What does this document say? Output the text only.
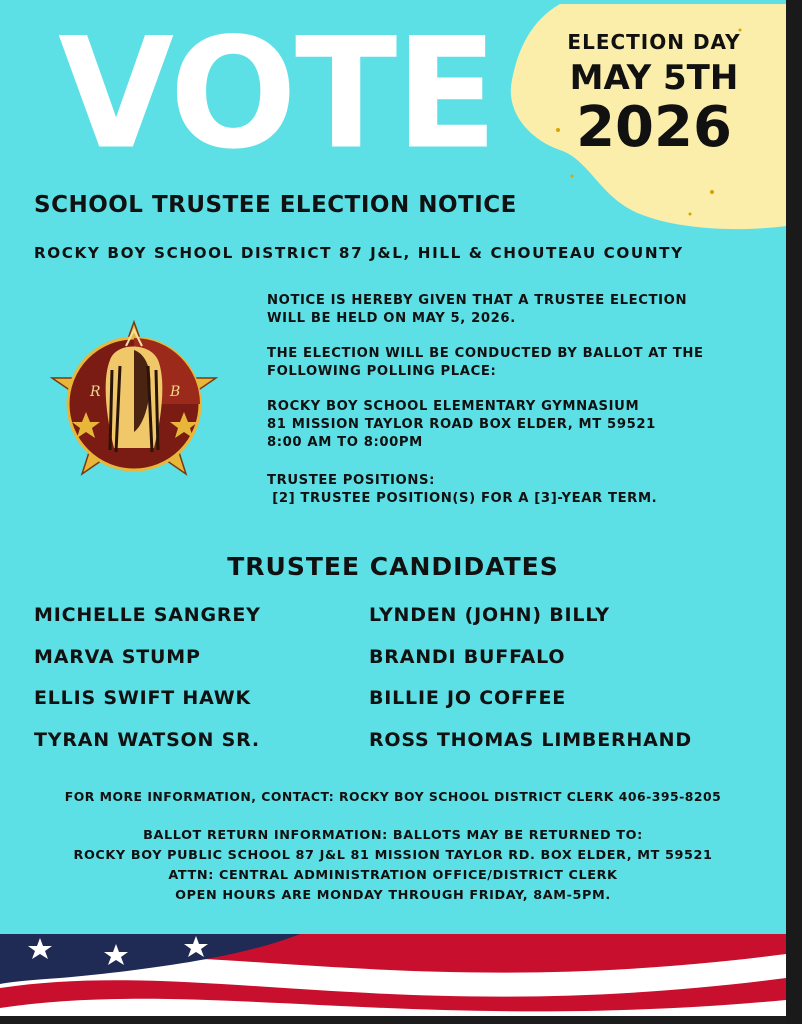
VOTE	ELECTION DAY
MAY 5TH
2026
SCHOOL TRUSTEE ELECTION NOTICE
ROCKY BOY SCHOOL DISTRICT 87 J&L, HILL & CHOUTEAU COUNTY
R	B
NOTICE IS HEREBY GIVEN THAT A TRUSTEE ELECTION
WILL BE HELD ON MAY 5, 2026.
THE ELECTION WILL BE CONDUCTED BY BALLOT AT THE
FOLLOWING POLLING PLACE:
ROCKY BOY SCHOOL ELEMENTARY GYMNASIUM
81 MISSION TAYLOR ROAD BOX ELDER, MT 59521
8:00 AM TO 8:00PM
TRUSTEE POSITIONS:
[2] TRUSTEE POSITION(S) FOR A [3]-YEAR TERM.
TRUSTEE CANDIDATES
MICHELLE SANGREY
MARVA STUMP
ELLIS SWIFT HAWK
TYRAN WATSON SR.
LYNDEN (JOHN) BILLY
BRANDI BUFFALO
BILLIE JO COFFEE
ROSS THOMAS LIMBERHAND
FOR MORE INFORMATION, CONTACT: ROCKY BOY SCHOOL DISTRICT CLERK 406-395-8205
BALLOT RETURN INFORMATION: BALLOTS MAY BE RETURNED TO:
ROCKY BOY PUBLIC SCHOOL 87 J&L 81 MISSION TAYLOR RD. BOX ELDER, MT 59521
ATTN: CENTRAL ADMINISTRATION OFFICE/DISTRICT CLERK
OPEN HOURS ARE MONDAY THROUGH FRIDAY, 8AM-5PM.
